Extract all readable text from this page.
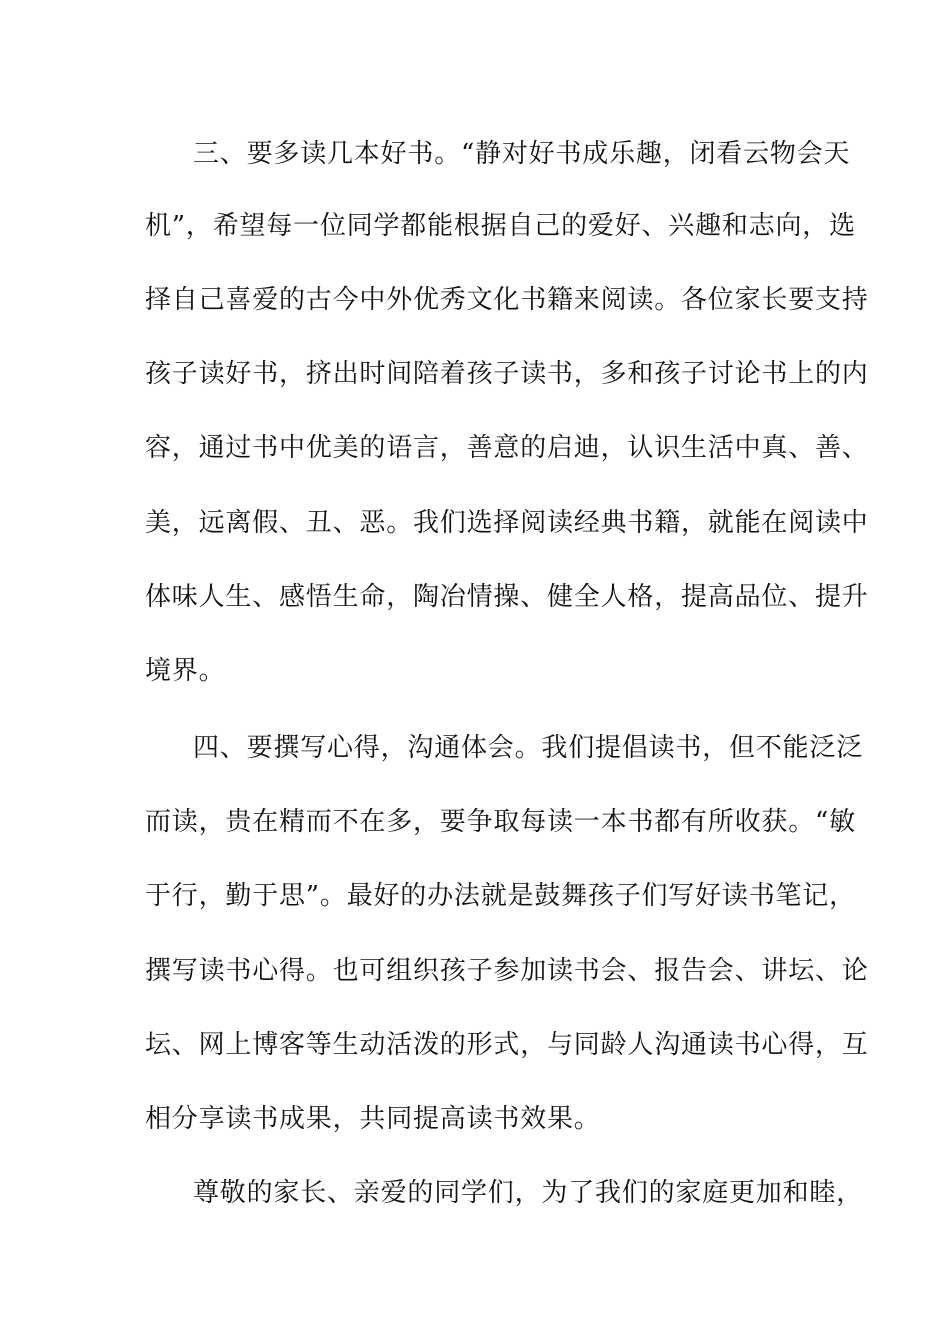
三、要多读几本好书。“静对好书成乐趣，闭看云物会天
机”，希望每一位同学都能根据自己的爱好、兴趣和志向，选
择自己喜爱的古今中外优秀文化书籍来阅读。各位家长要支持
孩子读好书，挤出时间陪着孩子读书，多和孩子讨论书上的内
容，通过书中优美的语言，善意的启迪，认识生活中真、善、
美，远离假、丑、恶。我们选择阅读经典书籍，就能在阅读中
体味人生、感悟生命，陶冶情操、健全人格，提高品位、提升
境界。
四、要撰写心得，沟通体会。我们提倡读书，但不能泛泛
而读，贵在精而不在多，要争取每读一本书都有所收获。“敏
于行，勤于思”。最好的办法就是鼓舞孩子们写好读书笔记，
撰写读书心得。也可组织孩子参加读书会、报告会、讲坛、论
坛、网上博客等生动活泼的形式，与同龄人沟通读书心得，互
相分享读书成果，共同提高读书效果。
尊敬的家长、亲爱的同学们，为了我们的家庭更加和睦，
